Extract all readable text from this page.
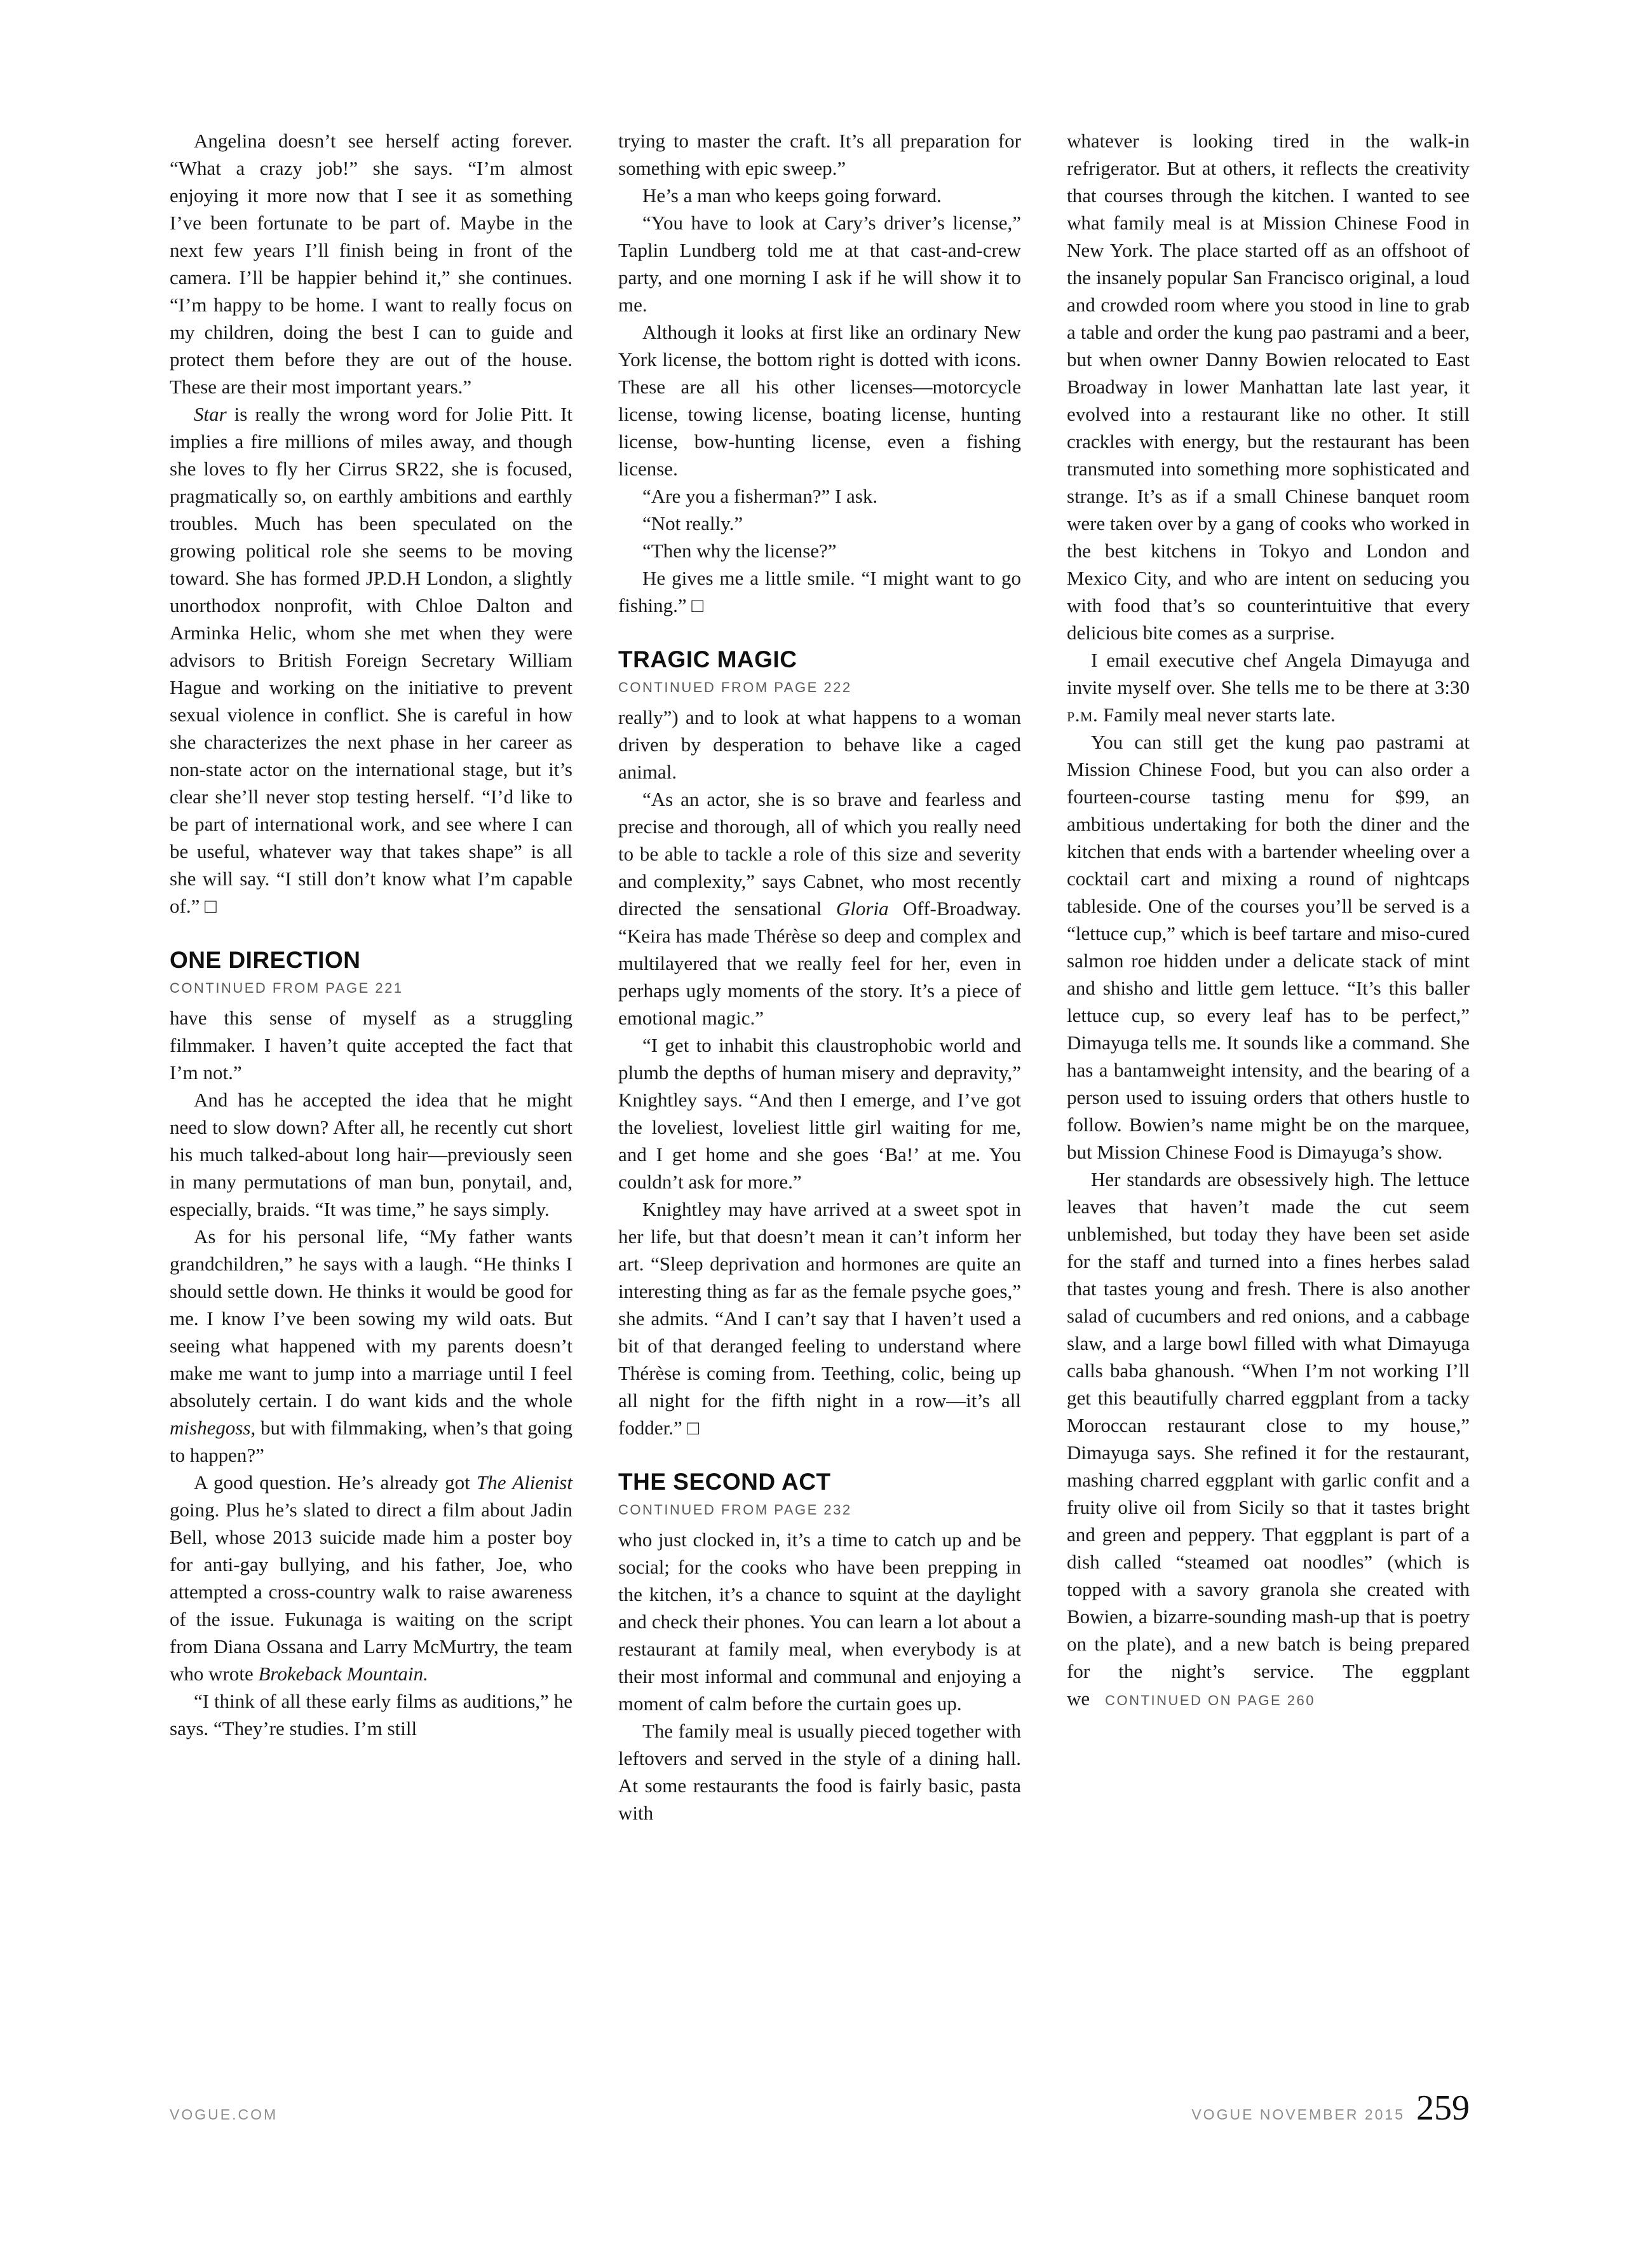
Angelina doesn’t see herself acting forever. “What a crazy job!” she says. “I’m almost enjoying it more now that I see it as something I’ve been fortunate to be part of. Maybe in the next few years I’ll finish being in front of the camera. I’ll be happier behind it,” she continues. “I’m happy to be home. I want to really focus on my children, doing the best I can to guide and protect them before they are out of the house. These are their most important years.”

Star is really the wrong word for Jolie Pitt. It implies a fire millions of miles away, and though she loves to fly her Cirrus SR22, she is focused, pragmatically so, on earthly ambitions and earthly troubles. Much has been speculated on the growing political role she seems to be moving toward. She has formed JP.D.H London, a slightly unorthodox nonprofit, with Chloe Dalton and Arminka Helic, whom she met when they were advisors to British Foreign Secretary William Hague and working on the initiative to prevent sexual violence in conflict. She is careful in how she characterizes the next phase in her career as non-state actor on the international stage, but it’s clear she’ll never stop testing herself. “I’d like to be part of international work, and see where I can be useful, whatever way that takes shape” is all she will say. “I still don’t know what I’m capable of.” □

ONE DIRECTION
CONTINUED FROM PAGE 221

have this sense of myself as a struggling filmmaker. I haven’t quite accepted the fact that I’m not.”

And has he accepted the idea that he might need to slow down? After all, he recently cut short his much talked-about long hair—previously seen in many permutations of man bun, ponytail, and, especially, braids. “It was time,” he says simply.

As for his personal life, “My father wants grandchildren,” he says with a laugh. “He thinks I should settle down. He thinks it would be good for me. I know I’ve been sowing my wild oats. But seeing what happened with my parents doesn’t make me want to jump into a marriage until I feel absolutely certain. I do want kids and the whole mishegoss, but with filmmaking, when’s that going to happen?”

A good question. He’s already got The Alienist going. Plus he’s slated to direct a film about Jadin Bell, whose 2013 suicide made him a poster boy for anti-gay bullying, and his father, Joe, who attempted a cross-country walk to raise awareness of the issue. Fukunaga is waiting on the script from Diana Ossana and Larry McMurtry, the team who wrote Brokeback Mountain.

“I think of all these early films as auditions,” he says. “They’re studies. I’m still

trying to master the craft. It’s all preparation for something with epic sweep.”

He’s a man who keeps going forward.

“You have to look at Cary’s driver’s license,” Taplin Lundberg told me at that cast-and-crew party, and one morning I ask if he will show it to me.

Although it looks at first like an ordinary New York license, the bottom right is dotted with icons. These are all his other licenses—motorcycle license, towing license, boating license, hunting license, bow-hunting license, even a fishing license.

“Are you a fisherman?” I ask.

“Not really.”

“Then why the license?”

He gives me a little smile. “I might want to go fishing.” □

TRAGIC MAGIC
CONTINUED FROM PAGE 222

really”) and to look at what happens to a woman driven by desperation to behave like a caged animal.

“As an actor, she is so brave and fearless and precise and thorough, all of which you really need to be able to tackle a role of this size and severity and complexity,” says Cabnet, who most recently directed the sensational Gloria Off-Broadway. “Keira has made Thérèse so deep and complex and multilayered that we really feel for her, even in perhaps ugly moments of the story. It’s a piece of emotional magic.”

“I get to inhabit this claustrophobic world and plumb the depths of human misery and depravity,” Knightley says. “And then I emerge, and I’ve got the loveliest, loveliest little girl waiting for me, and I get home and she goes ‘Ba!’ at me. You couldn’t ask for more.”

Knightley may have arrived at a sweet spot in her life, but that doesn’t mean it can’t inform her art. “Sleep deprivation and hormones are quite an interesting thing as far as the female psyche goes,” she admits. “And I can’t say that I haven’t used a bit of that deranged feeling to understand where Thérèse is coming from. Teething, colic, being up all night for the fifth night in a row—it’s all fodder.” □

THE SECOND ACT
CONTINUED FROM PAGE 232

who just clocked in, it’s a time to catch up and be social; for the cooks who have been prepping in the kitchen, it’s a chance to squint at the daylight and check their phones. You can learn a lot about a restaurant at family meal, when everybody is at their most informal and communal and enjoying a moment of calm before the curtain goes up.

The family meal is usually pieced together with leftovers and served in the style of a dining hall. At some restaurants the food is fairly basic, pasta with

whatever is looking tired in the walk-in refrigerator. But at others, it reflects the creativity that courses through the kitchen. I wanted to see what family meal is at Mission Chinese Food in New York. The place started off as an offshoot of the insanely popular San Francisco original, a loud and crowded room where you stood in line to grab a table and order the kung pao pastrami and a beer, but when owner Danny Bowien relocated to East Broadway in lower Manhattan late last year, it evolved into a restaurant like no other. It still crackles with energy, but the restaurant has been transmuted into something more sophisticated and strange. It’s as if a small Chinese banquet room were taken over by a gang of cooks who worked in the best kitchens in Tokyo and London and Mexico City, and who are intent on seducing you with food that’s so counterintuitive that every delicious bite comes as a surprise.

I email executive chef Angela Dimayuga and invite myself over. She tells me to be there at 3:30 p.m. Family meal never starts late.

You can still get the kung pao pastrami at Mission Chinese Food, but you can also order a fourteen-course tasting menu for $99, an ambitious undertaking for both the diner and the kitchen that ends with a bartender wheeling over a cocktail cart and mixing a round of nightcaps tableside. One of the courses you’ll be served is a “lettuce cup,” which is beef tartare and miso-cured salmon roe hidden under a delicate stack of mint and shisho and little gem lettuce. “It’s this baller lettuce cup, so every leaf has to be perfect,” Dimayuga tells me. It sounds like a command. She has a bantamweight intensity, and the bearing of a person used to issuing orders that others hustle to follow. Bowien’s name might be on the marquee, but Mission Chinese Food is Dimayuga’s show.

Her standards are obsessively high. The lettuce leaves that haven’t made the cut seem unblemished, but today they have been set aside for the staff and turned into a fines herbes salad that tastes young and fresh. There is also another salad of cucumbers and red onions, and a cabbage slaw, and a large bowl filled with what Dimayuga calls baba ghanoush. “When I’m not working I’ll get this beautifully charred eggplant from a tacky Moroccan restaurant close to my house,” Dimayuga says. She refined it for the restaurant, mashing charred eggplant with garlic confit and a fruity olive oil from Sicily so that it tastes bright and green and peppery. That eggplant is part of a dish called “steamed oat noodles” (which is topped with a savory granola she created with Bowien, a bizarre-sounding mash-up that is poetry on the plate), and a new batch is being prepared for the night’s service. The eggplant we CONTINUED ON PAGE 260

VOGUE.COM	VOGUE NOVEMBER 2015 259
